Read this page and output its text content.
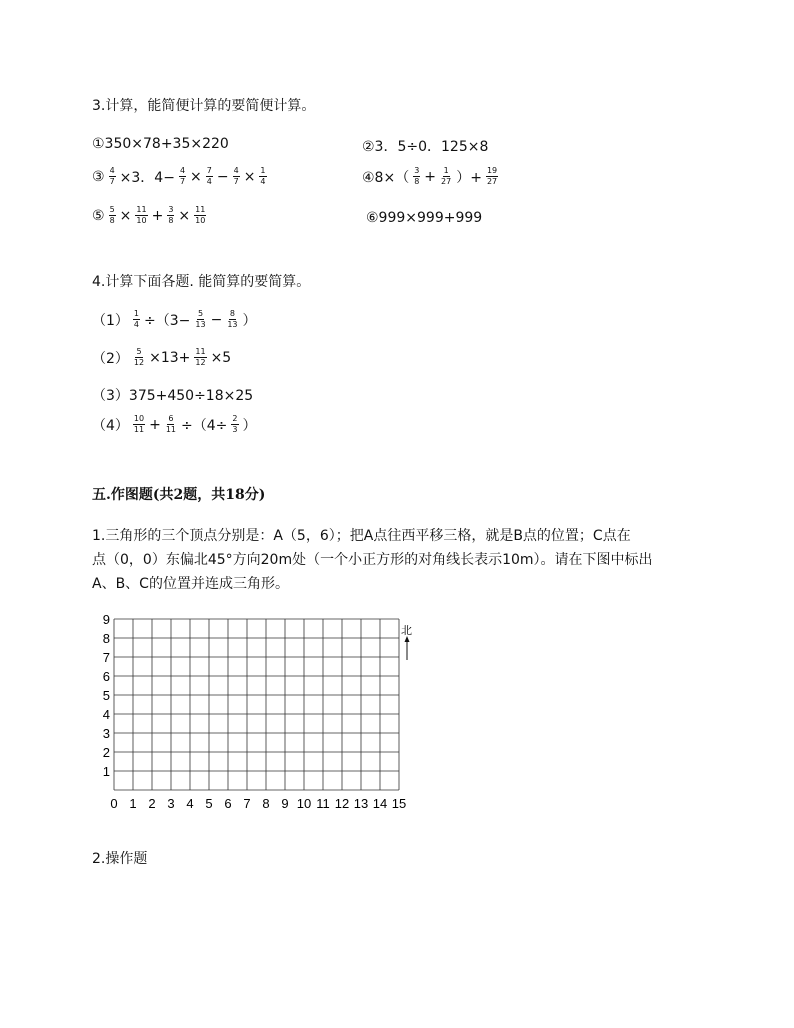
3.计算，能简便计算的要简便计算。
①350×78+35×220	②3．5÷0．125×8
③ $\frac{4}{7} \times 3$．$4- \frac{4}{7} \times \frac{7}{4} - \frac{4}{7} \times \frac{1}{4}$	④8×（ $\frac{3}{8} + \frac{1}{27}$ ）+ $\frac{19}{27}$
⑤ $\frac{5}{8} \times \frac{11}{10} + \frac{3}{8} \times \frac{11}{10}$	⑥999×999+999
4.计算下面各题. 能简算的要简算。
$(1) \frac{1}{4} \div(3- \frac{5}{13} - \frac{8}{13}$ ）
$(2) \frac{5}{12} \times 13+ \frac{11}{12} \times 5$
（3）375+450÷18×25
$(4) \frac{10}{11} + \frac{6}{11} \div(4\div \frac{2}{3}$ ）
五.作图题(共2题，共18分)
1.三角形的三个顶点分别是：A（5，6）；把A点往西平移三格，就是B点的位置；C点在
点（0，0）东偏北45°方向20m处（一个小正方形的对角线长表示10m）。请在下图中标出
A、B、C的位置并连成三角形。
0 1 2 3 4 5 6 7 8 9 10 11 12 13 14 15
1
2
3
4
5
6
7
8
9
北
2.操作题
